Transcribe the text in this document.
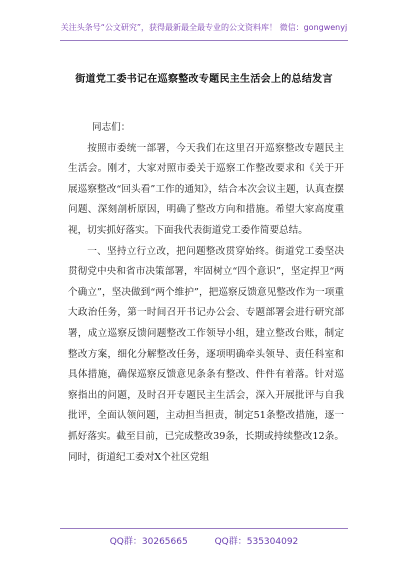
关注头条号“公文研究”，获得最新最全最专业的公文资料库！ 微信：gongwenyj
街道党工委书记在巡察整改专题民主生活会上的总结发言

同志们：

按照市委统一部署，今天我们在这里召开巡察整改专题民主生活会。刚才，大家对照市委关于巡察工作整改要求和《关于开展巡察整改“回头看”工作的通知》，结合本次会议主题，认真查摆问题、深刻剖析原因，明确了整改方向和措施。希望大家高度重视，切实抓好落实。下面我代表街道党工委作简要总结。

一、坚持立行立改，把问题整改贯穿始终。街道党工委坚决贯彻党中央和省市决策部署，牢固树立“四个意识”，坚定捍卫“两个确立”，坚决做到“两个维护”，把巡察反馈意见整改作为一项重大政治任务，第一时间召开书记办公会、专题部署会进行研究部署，成立巡察反馈问题整改工作领导小组，建立整改台账，制定整改方案，细化分解整改任务，逐项明确牵头领导、责任科室和具体措施，确保巡察反馈意见条条有整改、件件有着落。针对巡察指出的问题，及时召开专题民主生活会，深入开展批评与自我批评，全面认领问题，主动担当担责，制定51条整改措施，逐一抓好落实。截至目前，已完成整改39条，长期或持续整改12条。同时，街道纪工委对X个社区党组

QQ群：30265665	QQ群：535304092
